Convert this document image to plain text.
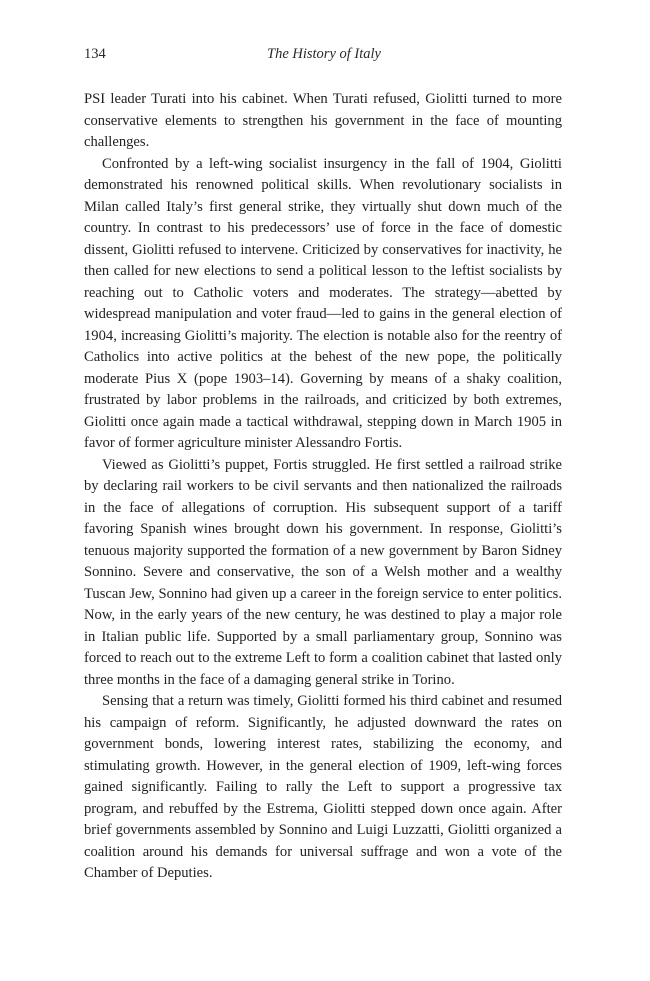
134	The History of Italy

PSI leader Turati into his cabinet. When Turati refused, Giolitti turned to more conservative elements to strengthen his government in the face of mounting challenges.

Confronted by a left-wing socialist insurgency in the fall of 1904, Giolitti demonstrated his renowned political skills. When revolutionary socialists in Milan called Italy’s first general strike, they virtually shut down much of the country. In contrast to his predecessors’ use of force in the face of domestic dissent, Giolitti refused to intervene. Criticized by conservatives for inactivity, he then called for new elections to send a political lesson to the leftist socialists by reaching out to Catholic voters and moderates. The strategy—abetted by widespread manipulation and voter fraud—led to gains in the general election of 1904, increasing Giolitti’s majority. The election is notable also for the reentry of Catholics into active politics at the behest of the new pope, the politically moderate Pius X (pope 1903–14). Governing by means of a shaky coalition, frustrated by labor problems in the railroads, and criticized by both extremes, Giolitti once again made a tactical withdrawal, stepping down in March 1905 in favor of former agriculture minister Alessandro Fortis.

Viewed as Giolitti’s puppet, Fortis struggled. He first settled a railroad strike by declaring rail workers to be civil servants and then nationalized the railroads in the face of allegations of corruption. His subsequent support of a tariff favoring Spanish wines brought down his government. In response, Giolitti’s tenuous majority supported the formation of a new government by Baron Sidney Sonnino. Severe and conservative, the son of a Welsh mother and a wealthy Tuscan Jew, Sonnino had given up a career in the foreign service to enter politics. Now, in the early years of the new century, he was destined to play a major role in Italian public life. Supported by a small parliamentary group, Sonnino was forced to reach out to the extreme Left to form a coalition cabinet that lasted only three months in the face of a damaging general strike in Torino.

Sensing that a return was timely, Giolitti formed his third cabinet and resumed his campaign of reform. Significantly, he adjusted downward the rates on government bonds, lowering interest rates, stabilizing the economy, and stimulating growth. However, in the general election of 1909, left-wing forces gained significantly. Failing to rally the Left to support a progressive tax program, and rebuffed by the Estrema, Giolitti stepped down once again. After brief governments assembled by Sonnino and Luigi Luzzatti, Giolitti organized a coalition around his demands for universal suffrage and won a vote of the Chamber of Deputies.
